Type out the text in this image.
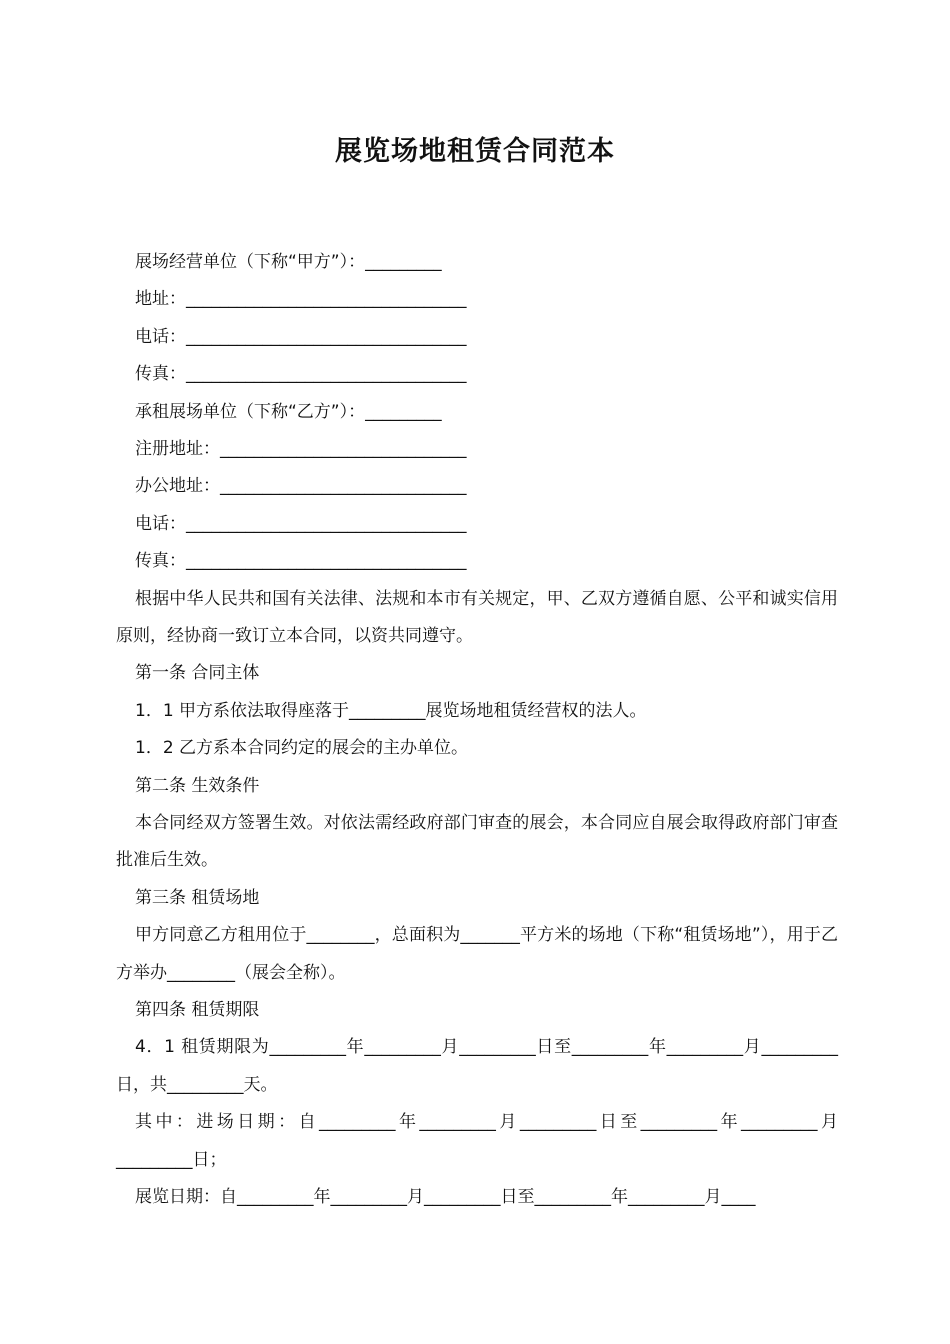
展览场地租赁合同范本
展场经营单位（下称“甲方”）：_________
地址：_________________________________
电话：_________________________________
传真：_________________________________
承租展场单位（下称“乙方”）：_________
注册地址：_____________________________
办公地址：_____________________________
电话：_________________________________
传真：_________________________________
根据中华人民共和国有关法律、法规和本市有关规定，甲、乙双方遵循自愿、公平和诚实信用原则，经协商一致订立本合同，以资共同遵守。
第一条 合同主体
1．1 甲方系依法取得座落于_________展览场地租赁经营权的法人。
1．2 乙方系本合同约定的展会的主办单位。
第二条 生效条件
本合同经双方签署生效。对依法需经政府部门审查的展会，本合同应自展会取得政府部门审查批准后生效。
第三条 租赁场地
甲方同意乙方租用位于________，总面积为_______平方米的场地（下称“租赁场地”），用于乙方举办________（展会全称）。
第四条 租赁期限
4．1 租赁期限为_________年_________月_________日至_________年_________月_________日，共_________天。
其中：进场日期：自_________年_________月_________日至_________年_________月_________日；
展览日期：自_________年_________月_________日至_________年_________月____
